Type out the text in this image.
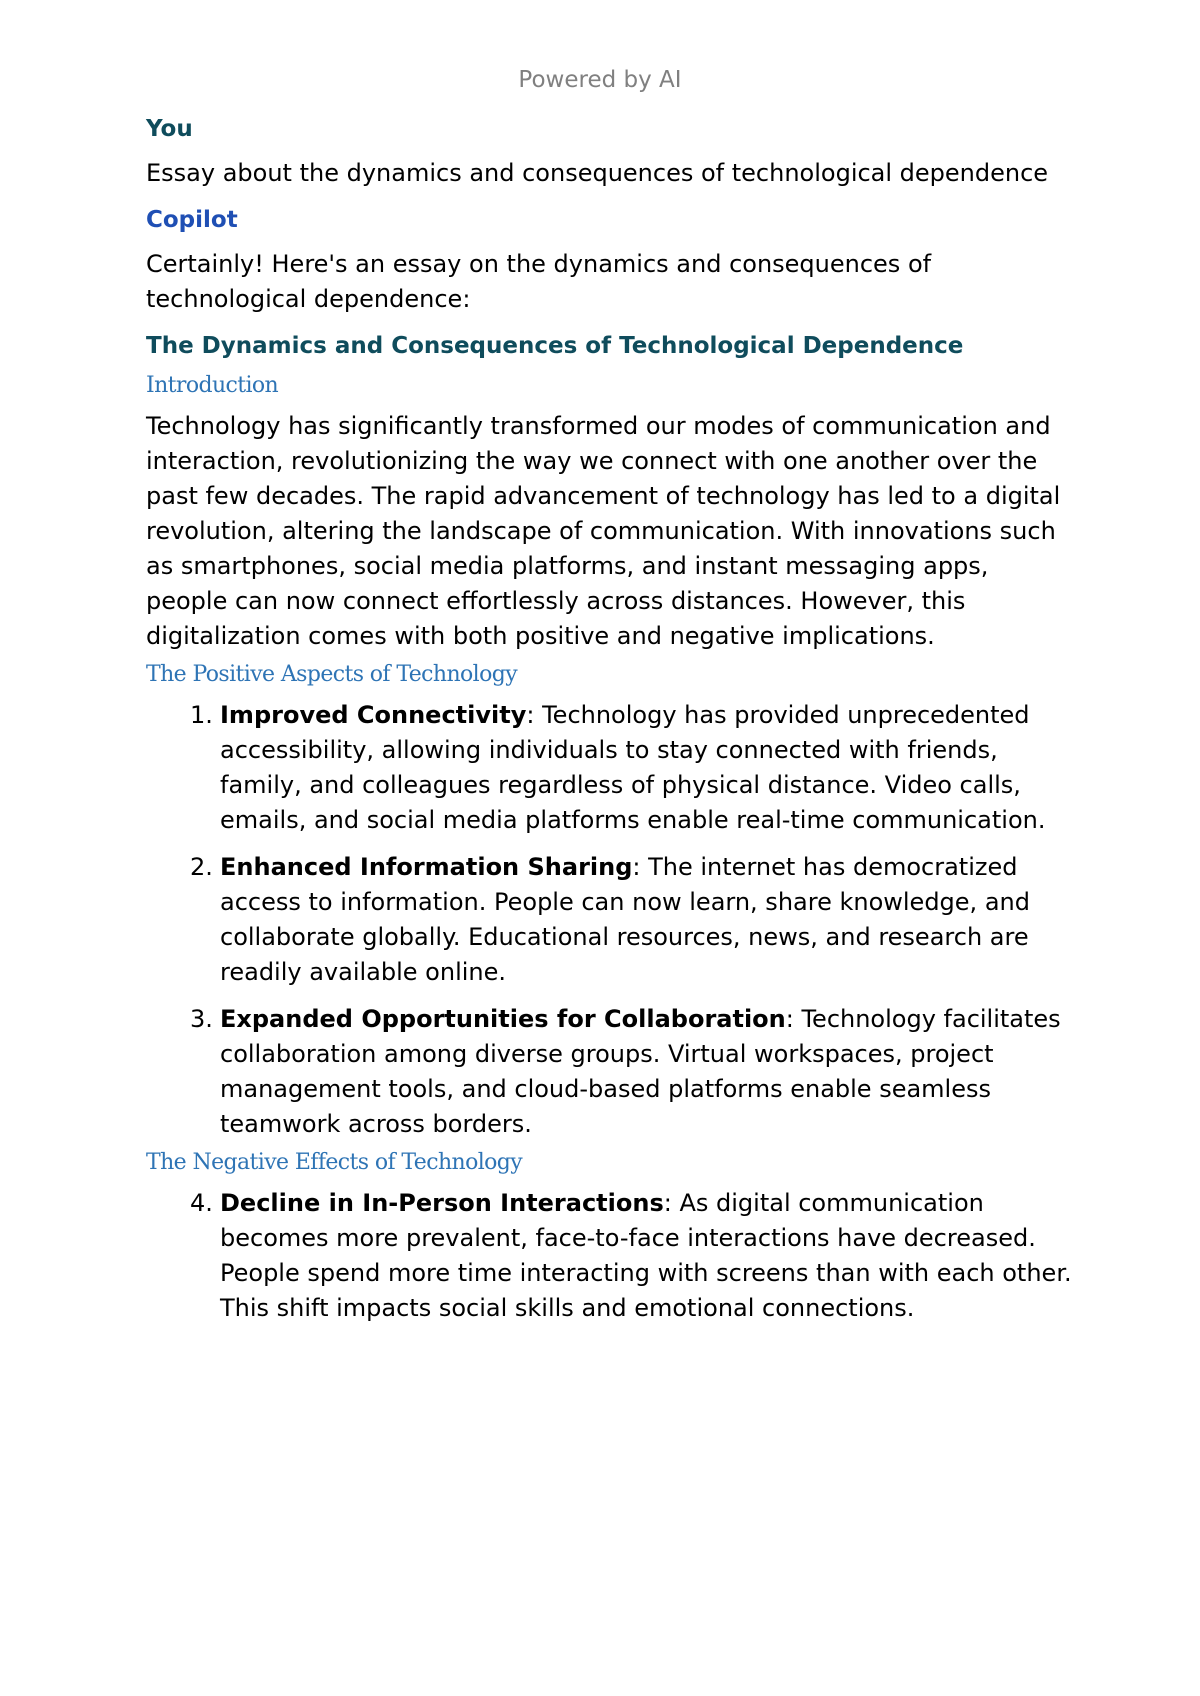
Powered by AI

You

Essay about the dynamics and consequences of technological dependence

Copilot

Certainly! Here's an essay on the dynamics and consequences of technological dependence:

The Dynamics and Consequences of Technological Dependence

Introduction

Technology has significantly transformed our modes of communication and interaction, revolutionizing the way we connect with one another over the past few decades. The rapid advancement of technology has led to a digital revolution, altering the landscape of communication. With innovations such as smartphones, social media platforms, and instant messaging apps, people can now connect effortlessly across distances. However, this digitalization comes with both positive and negative implications.

The Positive Aspects of Technology

1. Improved Connectivity: Technology has provided unprecedented accessibility, allowing individuals to stay connected with friends, family, and colleagues regardless of physical distance. Video calls, emails, and social media platforms enable real-time communication.
2. Enhanced Information Sharing: The internet has democratized access to information. People can now learn, share knowledge, and collaborate globally. Educational resources, news, and research are readily available online.
3. Expanded Opportunities for Collaboration: Technology facilitates collaboration among diverse groups. Virtual workspaces, project management tools, and cloud-based platforms enable seamless teamwork across borders.

The Negative Effects of Technology

4. Decline in In-Person Interactions: As digital communication becomes more prevalent, face-to-face interactions have decreased. People spend more time interacting with screens than with each other. This shift impacts social skills and emotional connections.
